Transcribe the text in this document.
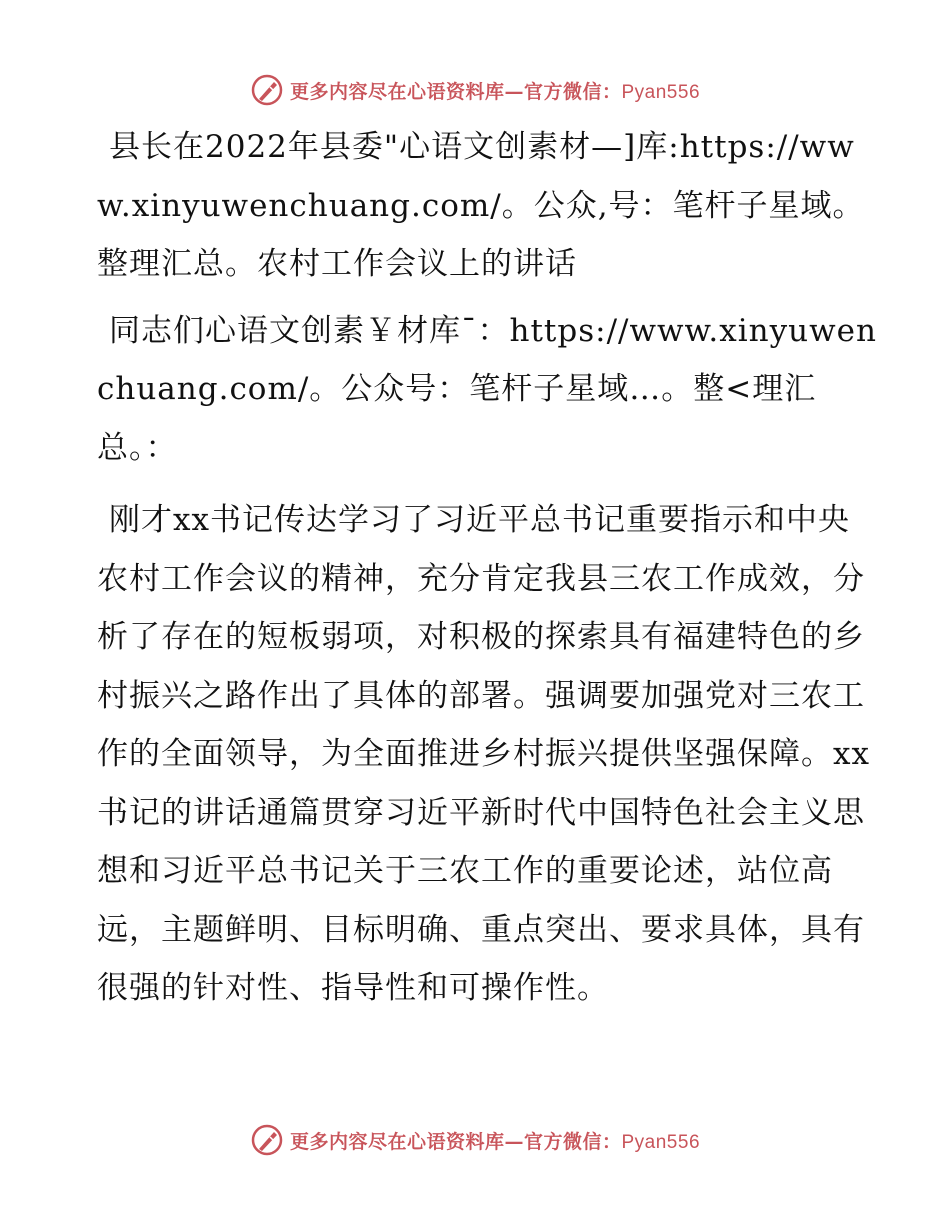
更多内容尽在心语资料库—官方微信：Pyan556

县长在2022年县委"心语文创素材—]库:https://www.xinyuwenchuang.com/。公众,号：笔杆子星域。整理汇总。农村工作会议上的讲话

同志们心语文创素￥材库¯：https://www.xinyuwenchuang.com/。公众号：笔杆子星域…。整<理汇总。：

刚才xx书记传达学习了习近平总书记重要指示和中央农村工作会议的精神，充分肯定我县三农工作成效，分析了存在的短板弱项，对积极的探索具有福建特色的乡村振兴之路作出了具体的部署。强调要加强党对三农工作的全面领导，为全面推进乡村振兴提供坚强保障。xx书记的讲话通篇贯穿习近平新时代中国特色社会主义思想和习近平总书记关于三农工作的重要论述，站位高远，主题鲜明、目标明确、重点突出、要求具体，具有很强的针对性、指导性和可操作性。

更多内容尽在心语资料库—官方微信：Pyan556
